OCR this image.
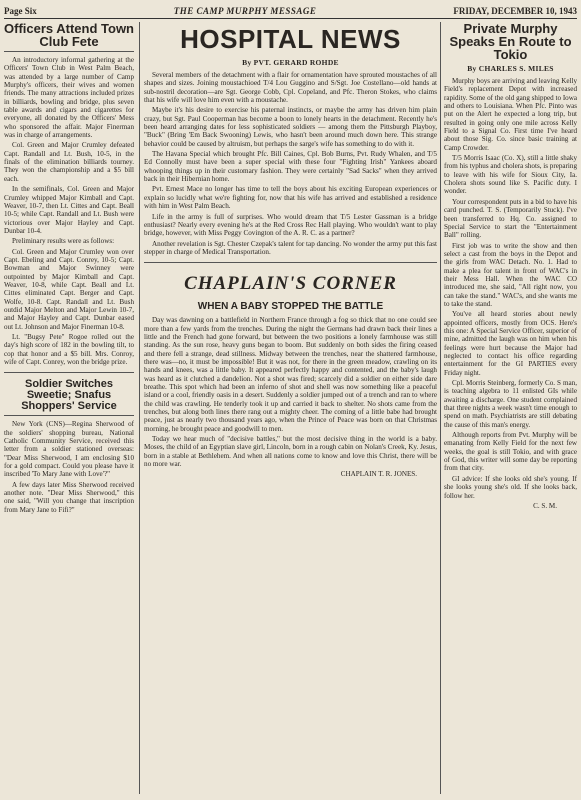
Page Six	THE CAMP MURPHY MESSAGE	FRIDAY, DECEMBER 10, 1943
Officers Attend Town Club Fete

An introductory informal gathering at the Officers' Town Club in West Palm Beach, was attended by a large number of Camp Murphy's officers, their wives and women friends. The many attractions included prizes in billiards, bowling and bridge, plus seven table awards and cigars and cigarettes for everyone, all donated by the Officers' Mess who sponsored the affair. Major Finerman was in charge of arrangements.

Col. Green and Major Crumley defeated Capt. Randall and Lt. Bush, 10-5, in the finals of the elimination billiards tourney. They won the championship and a $5 bill each.

In the semifinals, Col. Green and Major Crumley whipped Major Kimball and Capt. Weaver, 10-7, then Lt. Cittes and Capt. Beall 10-5; while Capt. Randall and Lt. Bush were victorious over Major Hayley and Capt. Dunbar 10-4.

Preliminary results were as follows:

Col. Green and Major Crumley won over Capt. Ebeling and Capt. Conrey, 10-5; Capt. Bowman and Major Swinney were outpointed by Major Kimball and Capt. Weaver, 10-8, while Capt. Beall and Lt. Cittes eliminated Capt. Berger and Capt. Wolfe, 10-8. Capt. Randall and Lt. Bush outdid Major Melton and Major Lewin 10-7, and Major Hayley and Capt. Dunbar eased out Lt. Johnson and Major Finerman 10-8.

Lt. "Bugsy Pete" Rogoe rolled out the day's high score of 182 in the bowling tilt, to cop that honor and a $5 bill. Mrs. Conroy, wife of Capt. Conrey, won the bridge prize.

Soldier Switches Sweetie; Snafus Shoppers' Service

New York (CNS)—Regina Sherwood of the soldiers' shopping bureau, National Catholic Community Service, received this letter from a soldier stationed overseas: "Dear Miss Sherwood, I am enclosing $10 for a gold compact. Could you please have it inscribed 'To Mary Jane with Love'?"

A few days later Miss Sherwood received another note. "Dear Miss Sherwood," this one said, "Will you change that inscription from Mary Jane to Fifi?"

HOSPITAL NEWS
By PVT. GERARD ROHDE

Several members of the detachment with a flair for ornamentation have sprouted moustaches of all shapes and sizes. Joining moustachioed T/4 Lou Guggino and S/Sgt. Joe Costellano—old hands at sub-nostril decoration—are Sgt. George Cobb, Cpl. Copeland, and Pfc. Theron Stokes, who claims that his wife will love him even with a moustache.

Maybe it's his desire to exercise his paternal instincts, or maybe the army has driven him plain crazy, but Sgt. Paul Cooperman has become a boon to lonely hearts in the detachment. Recently he's been heard arranging dates for less sophisticated soldiers — among them the Pittsburgh Playboy, "Buck" (Bring 'Em Back Swooning) Lewis, who hasn't been around much down here. This strange behavior could be caused by altruism, but perhaps the sarge's wife has something to do with it.

The Havana Special which brought Pfc. Bill Caines, Cpl. Bob Burns, Pvt. Rudy Whalen, and T/5 Ed Connolly must have been a super special with these four "Fighting Irish" Yankees aboard whooping things up in their customary fashion. They were certainly "Sad Sacks" when they arrived back in their Hibernian home.

Pvt. Ernest Mace no longer has time to tell the boys about his exciting European experiences or explain so lucidly what we're fighting for, now that his wife has arrived and established a residence with him in West Palm Beach.

Life in the army is full of surprises. Who would dream that T/5 Lester Gassman is a bridge enthusiast? Nearly every evening he's at the Red Cross Rec Hall playing. Who wouldn't want to play bridge, however, with Miss Peggy Covington of the A. R. C. as a partner?

Another revelation is Sgt. Chester Czepak's talent for tap dancing. No wonder the army put this fast stepper in charge of Medical Transportation.

CHAPLAIN'S CORNER
WHEN A BABY STOPPED THE BATTLE

Day was dawning on a battlefield in Northern France through a fog so thick that no one could see more than a few yards from the trenches. During the night the Germans had drawn back their lines a little and the French had gone forward, but between the two positions a lonely farmhouse was still standing. As the sun rose, heavy guns began to boom. But suddenly on both sides the firing ceased and there fell a strange, dead stillness. Midway between the trenches, near the shattered farmhouse, there was—no, it must be impossible! But it was not, for there in the green meadow, crawling on its hands and knees, was a little baby. It appeared perfectly happy and contented, and the baby's laugh was heard as it clutched a dandelion. Not a shot was fired; scarcely did a soldier on either side dare breathe. This spot which had been an inferno of shot and shell was now something like a peaceful island or a cool, friendly oasis in a desert. Suddenly a soldier jumped out of a trench and ran to where the child was crawling. He tenderly took it up and carried it back to shelter. No shots came from the trenches, but along both lines there rang out a mighty cheer. The coming of a little babe had brought peace, just as nearly two thousand years ago, when the Prince of Peace was born on that Christmas morning, he brought peace and goodwill to men.

Today we hear much of "decisive battles," but the most decisive thing in the world is a baby. Moses, the child of an Egyptian slave girl, Lincoln, born in a rough cabin on Nolan's Creek, Ky. Jesus, born in a stable at Bethlehem. And when all nations come to know and love this Christ, there will be no more war.

CHAPLAIN T. R. JONES.
Private Murphy Speaks En Route to Tokio
By CHARLES S. MILES

Murphy boys are arriving and leaving Kelly Field's replacement Depot with increased rapidity. Some of the old gang shipped to Iowa and others to Louisiana. When Pfc. Pinto was put on the Alert he expected a long trip, but resulted in going only one mile across Kelly Field to a Signal Co. First time I've heard about those Sig. Co. since basic training at Camp Crowder.

T/5 Morris Isaac (Co. X), still a little shaky from his typhus and cholera shots, is preparing to leave with his wife for Sioux City, Ia. Cholera shots sound like S. Pacific duty. I wonder.

Your correspondent puts in a bid to have his card punched. T. S. (Temporarily Stuck). I've been transferred to Hq. Co. assigned to Special Service to start the "Entertainment Ball" rolling.

First job was to write the show and then select a cast from the boys in the Depot and the girls from WAC Detach. No. 1. Had to make a plea for talent in front of WAC's in their Mess Hall. When the WAC CO introduced me, she said, "All right now, you can take the stand." WAC's, and she wants me to take the stand.

You've all heard stories about newly appointed officers, mostly from OCS. Here's this one: A Special Service Officer, superior of mine, admitted the laugh was on him when his feelings were hurt because the Major had neglected to contact his office regarding entertainment for the GI PARTIES every Friday night.

Cpl. Morris Steinberg, formerly Co. S man, is teaching algebra to 11 enlisted GIs while awaiting a discharge. One student complained that three nights a week wasn't time enough to spend on math. Psychiatrists are still debating the cause of this man's energy.

Although reports from Pvt. Murphy will be emanating from Kelly Field for the next few weeks, the goal is still Tokio, and with grace of God, this writer will some day be reporting from that city.

GI advice: If she looks old she's young. If she looks young she's old. If she looks back, follow her.

C. S. M.
